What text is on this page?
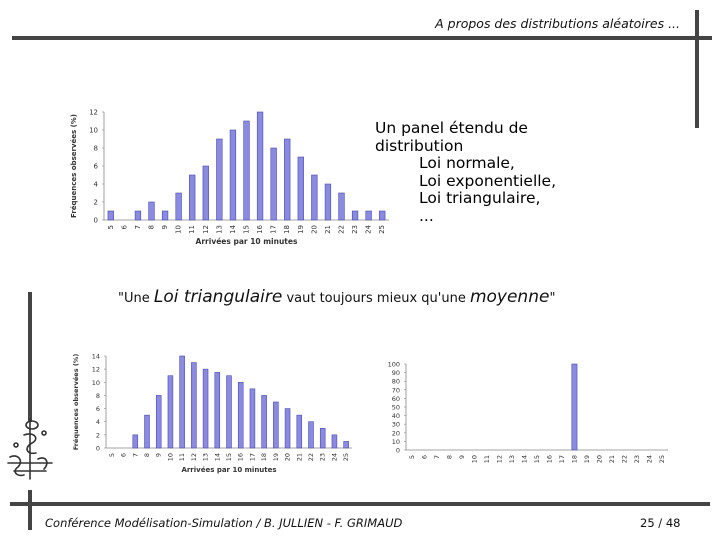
A propos des distributions aléatoires ...
0
2
4
6
8
10
12
5 6 7 8 9 10 11 12 13 14 15 16 17 18 19 20 21 22 23 24 25
Arrivées par 10 minutes
Fréquences observées (%)	Un panel étendu de
distribution
Loi normale,
Loi exponentielle,
Loi triangulaire,
...
"Une Loi triangulaire vaut toujours mieux qu'une moyenne"
0
2
4
6
8
10
12
14
5 6 7 8 9 10 11 12 13 14 15 16 17 18 19 20 21 22 23 24 25
Arrivées par 10 minutes
Fréquences observées (%)
0
10
20
30
40
50
60
70
80
90
100
5 6 7 8 9 10 11 12 13 14 15 16 17 18 19 20 21 22 23 24 25
Conférence Modélisation-Simulation / B. JULLIEN - F. GRIMAUD	25 / 48
